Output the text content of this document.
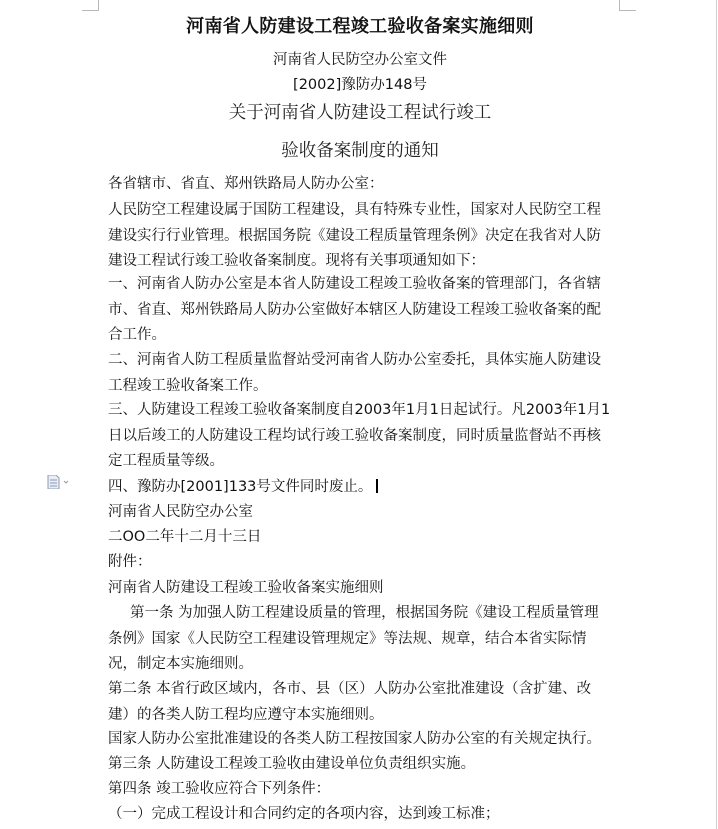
河南省人防建设工程竣工验收备案实施细则
河南省人民防空办公室文件
[2002]豫防办148号
关于河南省人防建设工程试行竣工
验收备案制度的通知
各省辖市、省直、郑州铁路局人防办公室：
人民防空工程建设属于国防工程建设，具有特殊专业性，国家对人民防空工程建设实行行业管理。根据国务院《建设工程质量管理条例》决定在我省对人防建设工程试行竣工验收备案制度。现将有关事项通知如下：
一、河南省人防办公室是本省人防建设工程竣工验收备案的管理部门，各省辖市、省直、郑州铁路局人防办公室做好本辖区人防建设工程竣工验收备案的配合工作。
二、河南省人防工程质量监督站受河南省人防办公室委托，具体实施人防建设工程竣工验收备案工作。
三、人防建设工程竣工验收备案制度自2003年1月1日起试行。凡2003年1月1日以后竣工的人防建设工程均试行竣工验收备案制度，同时质量监督站不再核定工程质量等级。
四、豫防办[2001]133号文件同时废止。
河南省人民防空办公室
二OO二年十二月十三日
附件：
河南省人防建设工程竣工验收备案实施细则
第一条 为加强人防工程建设质量的管理，根据国务院《建设工程质量管理条例》国家《人民防空工程建设管理规定》等法规、规章，结合本省实际情况，制定本实施细则。
第二条 本省行政区域内，各市、县（区）人防办公室批准建设（含扩建、改建）的各类人防工程均应遵守本实施细则。
国家人防办公室批准建设的各类人防工程按国家人防办公室的有关规定执行。
第三条 人防建设工程竣工验收由建设单位负责组织实施。
第四条 竣工验收应符合下列条件：
（一）完成工程设计和合同约定的各项内容，达到竣工标准；
